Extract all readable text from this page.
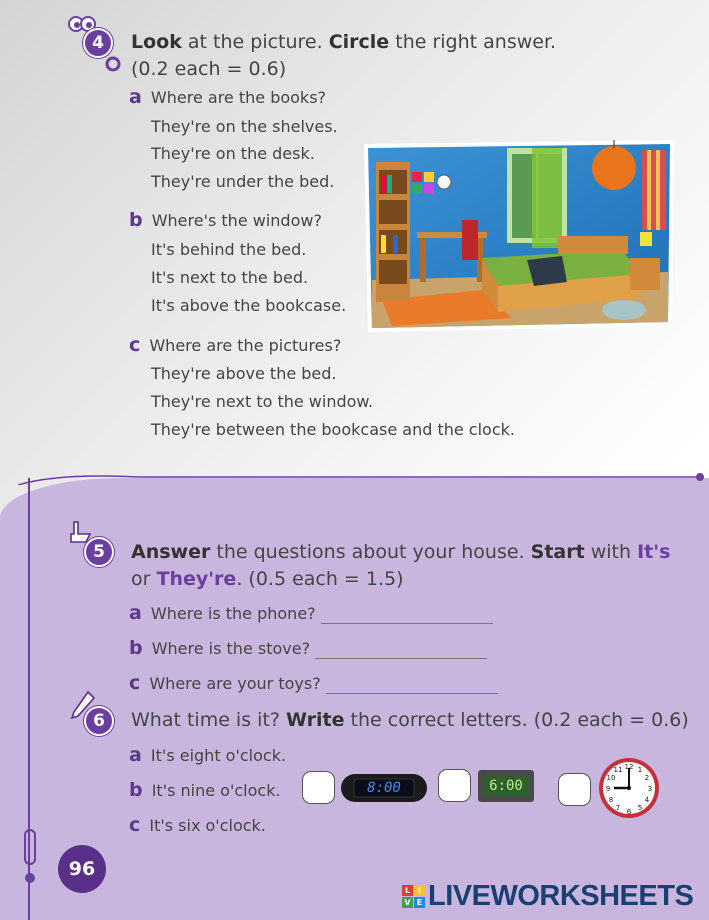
4	Look at the picture. Circle the right answer.
(0.2 each = 0.6)
a Where are the books?
They're on the shelves.
They're on the desk.
They're under the bed.
b Where's the window?
It's behind the bed.
It's next to the bed.
It's above the bookcase.
c Where are the pictures?
They're above the bed.
They're next to the window.
They're between the bookcase and the clock.
5	Answer the questions about your house. Start with It's
or They're. (0.5 each = 1.5)
a Where is the phone?
b Where is the stove?
c Where are your toys?
6	What time is it? Write the correct letters. (0.2 each = 0.6)
a It's eight o'clock.
b It's nine o'clock.
c It's six o'clock.
8:00	6:00
12 1
2
3
4
5
6
7
8
9
10
11
96
L I
V E LIVEWORKSHEETS
